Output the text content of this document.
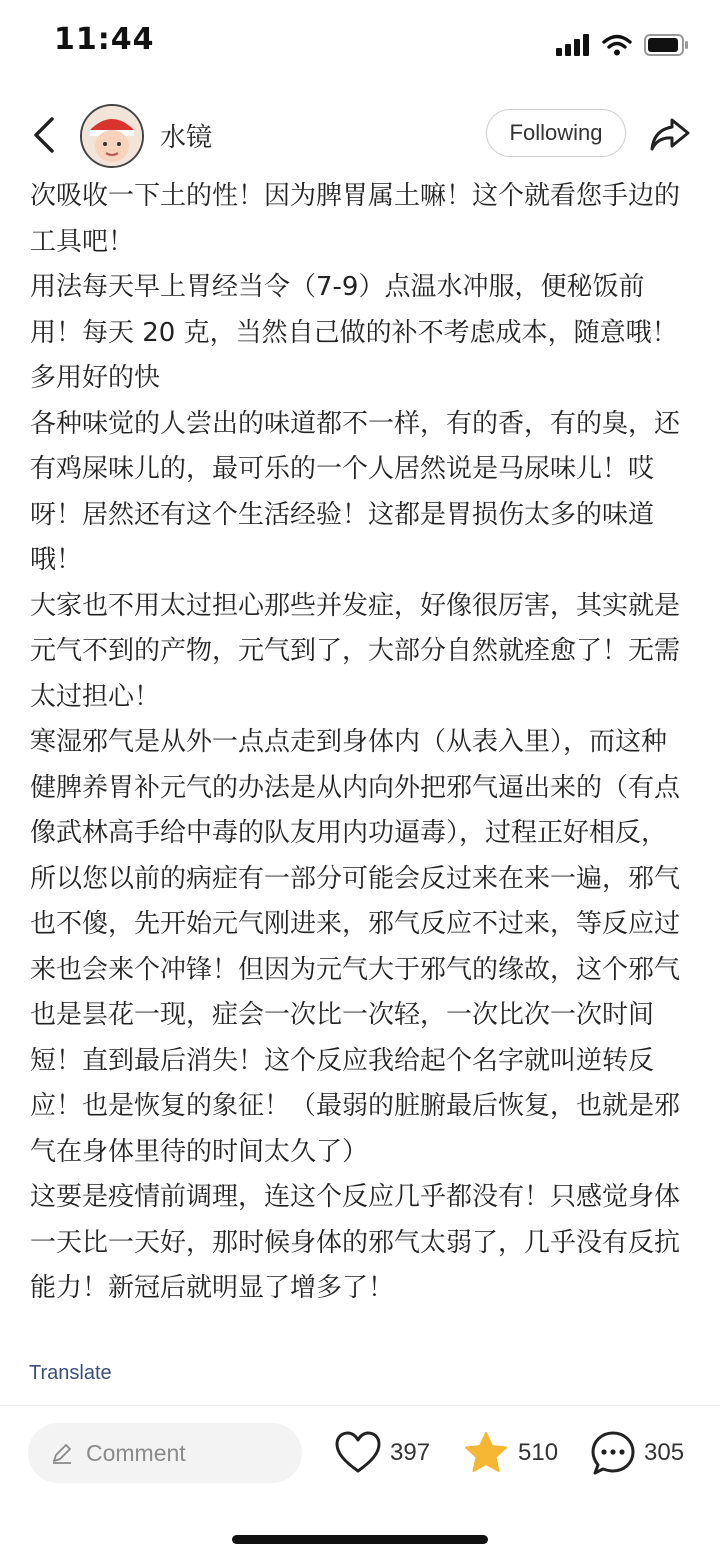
11:44
水镜	Following

次吸收一下土的性！因为脾胃属土嘛！这个就看您手边的工具吧！

用法每天早上胃经当令（7-9）点温水冲服，便秘饭前用！每天 20 克，当然自己做的补不考虑成本，随意哦！多用好的快

各种味觉的人尝出的味道都不一样，有的香，有的臭，还有鸡屎味儿的，最可乐的一个人居然说是马尿味儿！哎呀！居然还有这个生活经验！这都是胃损伤太多的味道哦！

大家也不用太过担心那些并发症，好像很厉害，其实就是元气不到的产物，元气到了，大部分自然就痊愈了！无需太过担心！

寒湿邪气是从外一点点走到身体内（从表入里），而这种健脾养胃补元气的办法是从内向外把邪气逼出来的（有点像武林高手给中毒的队友用内功逼毒），过程正好相反，所以您以前的病症有一部分可能会反过来在来一遍，邪气也不傻，先开始元气刚进来，邪气反应不过来，等反应过来也会来个冲锋！但因为元气大于邪气的缘故，这个邪气也是昙花一现，症会一次比一次轻，一次比次一次时间短！直到最后消失！这个反应我给起个名字就叫逆转反应！也是恢复的象征！（最弱的脏腑最后恢复，也就是邪气在身体里待的时间太久了）

这要是疫情前调理，连这个反应几乎都没有！只感觉身体一天比一天好，那时候身体的邪气太弱了，几乎没有反抗能力！新冠后就明显了增多了！

Translate
Comment	397	510	305
